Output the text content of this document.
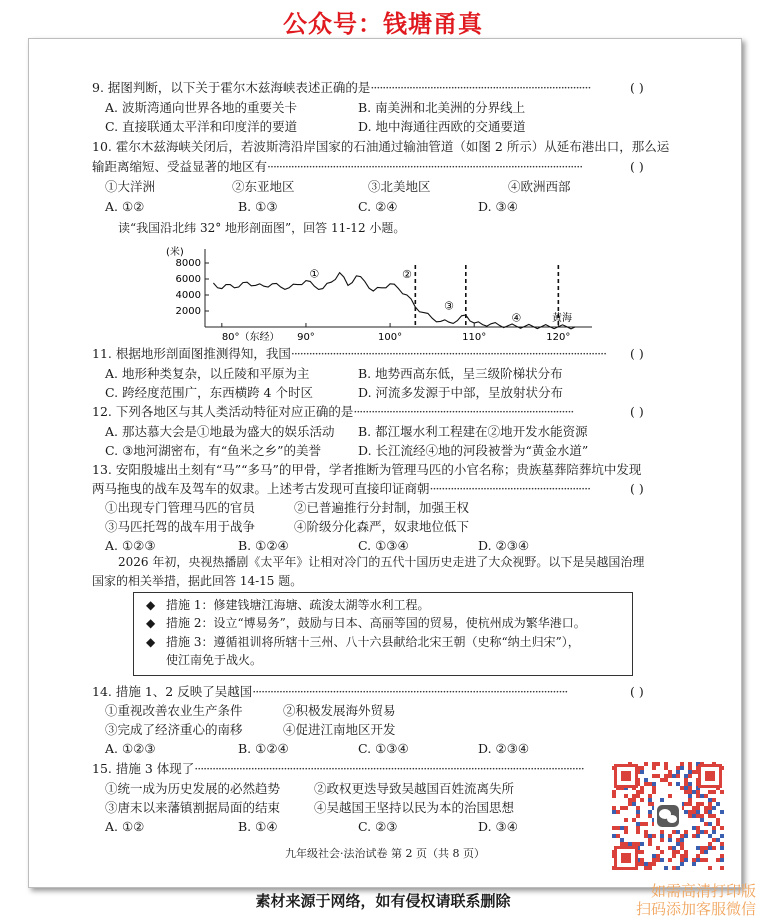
公众号：钱塘甬真
9. 据图判断，以下关于霍尔木兹海峡表述正确的是··········································································	( )
A. 波斯湾通向世界各地的重要关卡	B. 南美洲和北美洲的分界线上
C. 直接联通太平洋和印度洋的要道	D. 地中海通往西欧的交通要道
10. 霍尔木兹海峡关闭后，若波斯湾沿岸国家的石油通过输油管道（如图 2 所示）从延布港出口，那么运
输距离缩短、受益显著的地区有··········································································································	( )
①大洋洲	②东亚地区	③北美地区	④欧洲西部
A. ①②	B. ①③	C. ②④	D. ③④
读“我国沿北纬 32° 地形剖面图”，回答 11-12 小题。
(米)
8000
6000
4000
2000
80°（东经） 90°	100°	110°	120°
①	②
③
④	黄海
11. 根据地形剖面图推测得知，我国··········································································································	( )
A. 地形种类复杂，以丘陵和平原为主	B. 地势西高东低，呈三级阶梯状分布
C. 跨经度范围广，东西横跨 4 个时区	D. 河流多发源于中部，呈放射状分布
12. 下列各地区与其人类活动特征对应正确的是··········································································	( )
A. 那达慕大会是①地最为盛大的娱乐活动 B. 都江堰水利工程建在②地开发水能资源
C. ③地河湖密布，有“鱼米之乡”的美誉	D. 长江流经④地的河段被誉为“黄金水道”
13. 安阳殷墟出土刻有“马”“多马”的甲骨，学者推断为管理马匹的小官名称；贵族墓葬陪葬坑中发现
两马拖曳的战车及驾车的奴隶。上述考古发现可直接印证商朝······················································	( )
①出现专门管理马匹的官员	②已普遍推行分封制，加强王权
③马匹托驾的战车用于战争	④阶级分化森严，奴隶地位低下
A. ①②③	B. ①②④	C. ①③④	D. ②③④
2026 年初，央视热播剧《太平年》让相对冷门的五代十国历史走进了大众视野。以下是吴越国治理
国家的相关举措，据此回答 14-15 题。
◆ 措施 1：修建钱塘江海塘、疏浚太湖等水利工程。
◆ 措施 2：设立“博易务”，鼓励与日本、高丽等国的贸易，使杭州成为繁华港口。
◆ 措施 3：遵循祖训将所辖十三州、八十六县献给北宋王朝（史称“纳土归宋”），
使江南免于战火。
14. 措施 1、2 反映了吴越国··········································································································	( )
①重视改善农业生产条件	②积极发展海外贸易
③完成了经济重心的南移	④促进江南地区开发
A. ①②③	B. ①②④	C. ①③④	D. ②③④
15. 措施 3 体现了···································································································································
①统一成为历史发展的必然趋势	②政权更迭导致吴越国百姓流离失所
③唐末以来藩镇割据局面的结束	④吴越国王坚持以民为本的治国思想
A. ①②	B. ①④	C. ②③	D. ③④
九年级社会·法治试卷 第 2 页（共 8 页）
如需高清打印版
扫码添加客服微信
素材来源于网络，如有侵权请联系删除
